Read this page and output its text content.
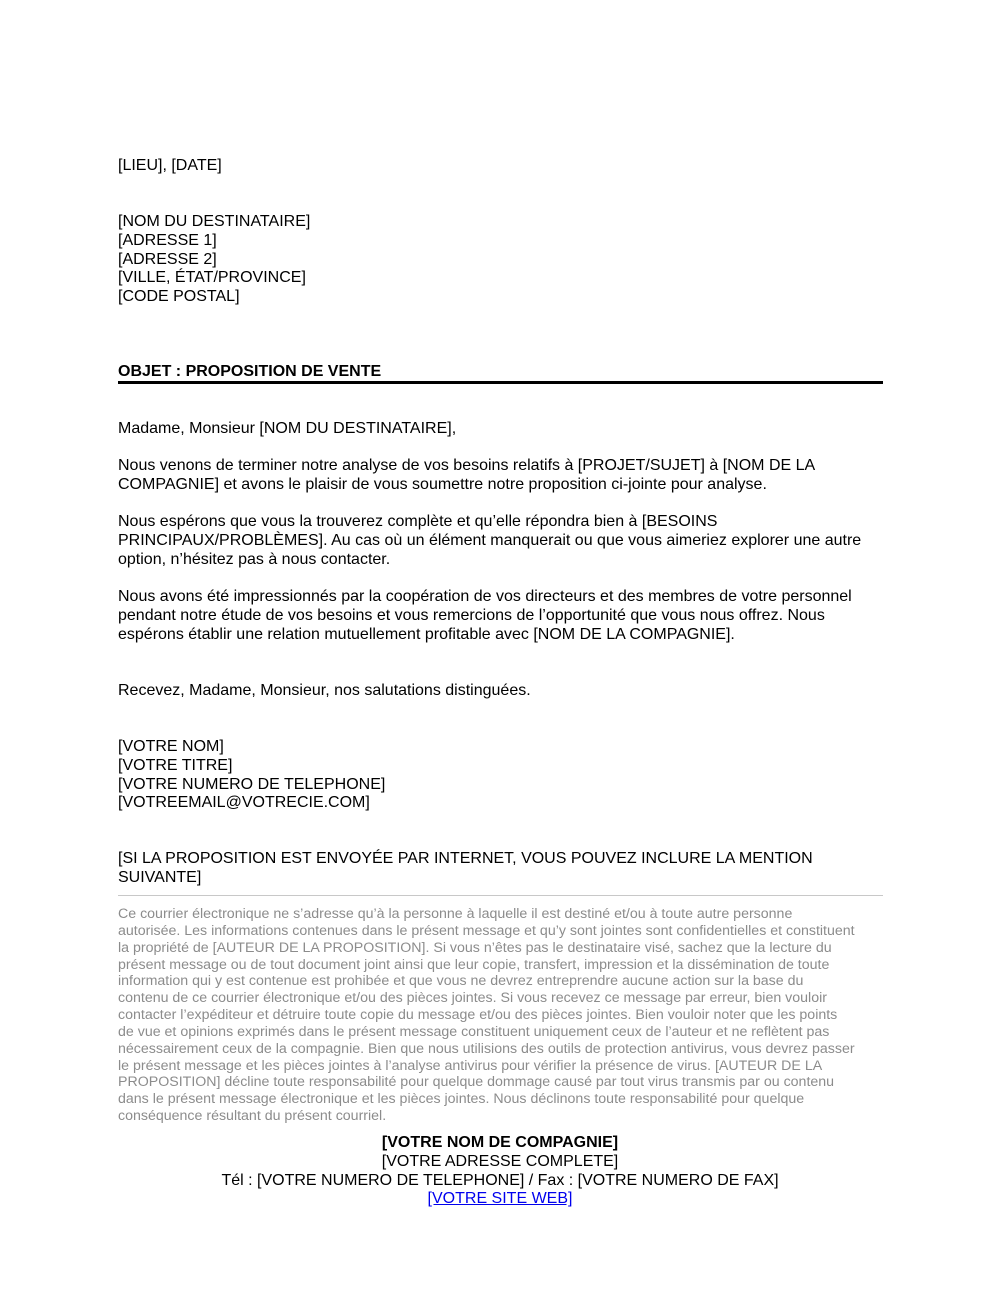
[LIEU], [DATE]
[NOM DU DESTINATAIRE]
[ADRESSE 1]
[ADRESSE 2]
[VILLE, ÉTAT/PROVINCE]
[CODE POSTAL]
OBJET : PROPOSITION DE VENTE
Madame, Monsieur [NOM DU DESTINATAIRE],
Nous venons de terminer notre analyse de vos besoins relatifs à [PROJET/SUJET] à [NOM DE LA
COMPAGNIE] et avons le plaisir de vous soumettre notre proposition ci-jointe pour analyse.
Nous espérons que vous la trouverez complète et qu’elle répondra bien à [BESOINS
PRINCIPAUX/PROBLÈMES]. Au cas où un élément manquerait ou que vous aimeriez explorer une autre
option, n’hésitez pas à nous contacter.
Nous avons été impressionnés par la coopération de vos directeurs et des membres de votre personnel
pendant notre étude de vos besoins et vous remercions de l’opportunité que vous nous offrez. Nous
espérons établir une relation mutuellement profitable avec [NOM DE LA COMPAGNIE].
Recevez, Madame, Monsieur, nos salutations distinguées.
[VOTRE NOM]
[VOTRE TITRE]
[VOTRE NUMERO DE TELEPHONE]
[VOTREEMAIL@VOTRECIE.COM]
[SI LA PROPOSITION EST ENVOYÉE PAR INTERNET, VOUS POUVEZ INCLURE LA MENTION
SUIVANTE]
Ce courrier électronique ne s’adresse qu’à la personne à laquelle il est destiné et/ou à toute autre personne
autorisée. Les informations contenues dans le présent message et qu’y sont jointes sont confidentielles et constituent
la propriété de [AUTEUR DE LA PROPOSITION]. Si vous n’êtes pas le destinataire visé, sachez que la lecture du
présent message ou de tout document joint ainsi que leur copie, transfert, impression et la dissémination de toute
information qui y est contenue est prohibée et que vous ne devrez entreprendre aucune action sur la base du
contenu de ce courrier électronique et/ou des pièces jointes. Si vous recevez ce message par erreur, bien vouloir
contacter l’expéditeur et détruire toute copie du message et/ou des pièces jointes. Bien vouloir noter que les points
de vue et opinions exprimés dans le présent message constituent uniquement ceux de l’auteur et ne reflètent pas
nécessairement ceux de la compagnie. Bien que nous utilisions des outils de protection antivirus, vous devrez passer
le présent message et les pièces jointes à l’analyse antivirus pour vérifier la présence de virus. [AUTEUR DE LA
PROPOSITION] décline toute responsabilité pour quelque dommage causé par tout virus transmis par ou contenu
dans le présent message électronique et les pièces jointes. Nous déclinons toute responsabilité pour quelque
conséquence résultant du présent courriel.
[VOTRE NOM DE COMPAGNIE]
[VOTRE ADRESSE COMPLETE]
Tél : [VOTRE NUMERO DE TELEPHONE] / Fax : [VOTRE NUMERO DE FAX]
[VOTRE SITE WEB]
